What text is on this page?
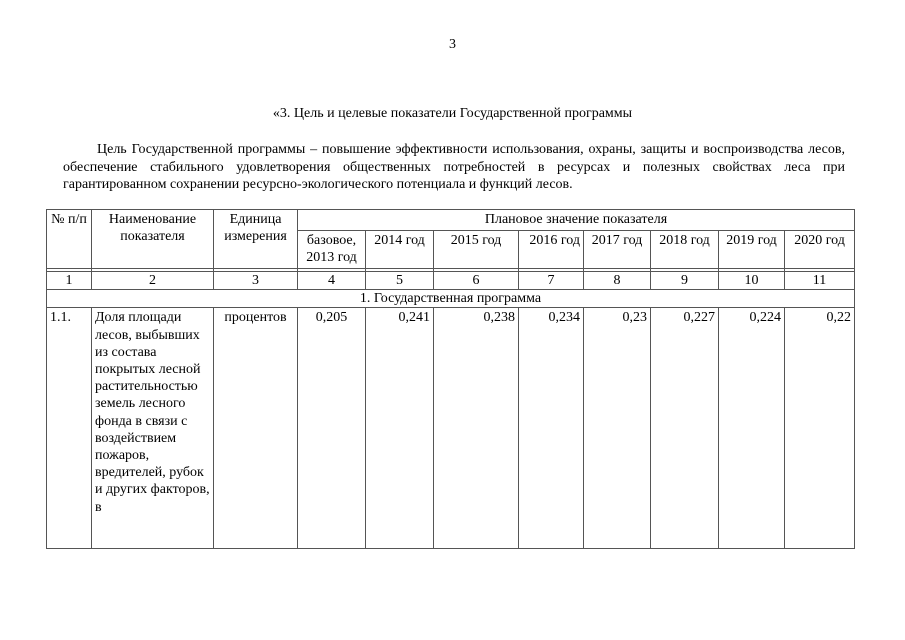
3
«3. Цель и целевые показатели Государственной программы

Цель Государственной программы – повышение эффективности использования, охраны, защиты и воспроизводства лесов, обеспечение стабильного удовлетворения общественных потребностей в ресурсах и полезных свойствах леса при гарантированном сохранении ресурсно-экологического потенциала и функций лесов.

№ п/п	Наименование показателя	Единица измерения	Плановое значение показателя							
			базовое, 2013 год	2014 год	2015 год	2016 год	2017 год	2018 год	2019 год	2020 год

1	2	3	4	5	6	7	8	9	10	11
1. Государственная программа										
1.1.	Доля площади лесов, выбывших из состава покрытых лесной растительностью земель лесного фонда в связи с воздействием пожаров, вредителей, рубок и других факторов, в	процентов	0,205	0,241	0,238	0,234	0,23	0,227	0,224	0,22
